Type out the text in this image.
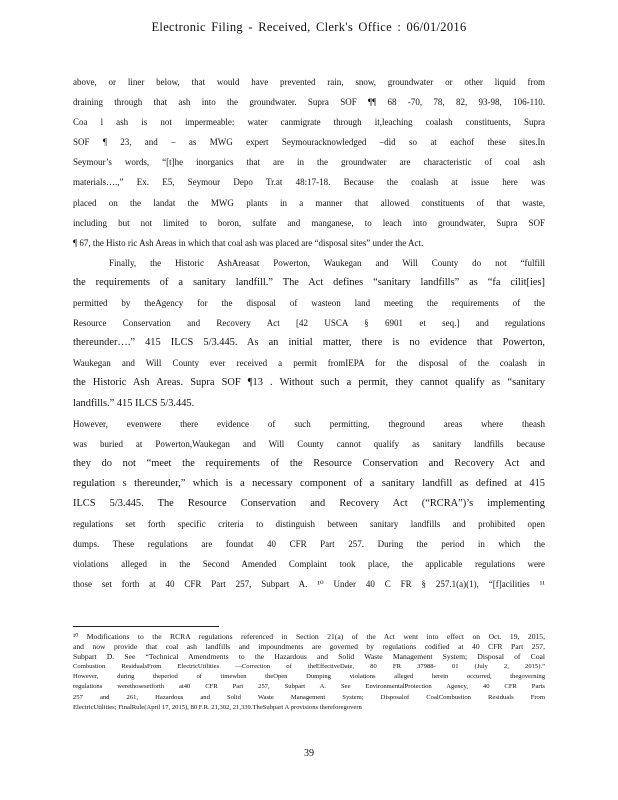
Electronic Filing - Received, Clerk's Office : 06/01/2016
above, or liner below, that would have prevented rain, snow, groundwater or other liquid from
draining through that ash into the groundwater. Supra SOF ¶¶ 68 -70, 78, 82, 93-98, 106-110.
Coa l ash is not impermeable: water canmigrate through it,leaching coalash constituents, Supra
SOF ¶ 23, and – as MWG expert Seymouracknowledged –did so at eachof these sites.In
Seymour’s words, “[t]he inorganics that are in the groundwater are characteristic of coal ash
materials….,” Ex. E5, Seymour Depo Tr.at 48:17-18. Because the coalash at issue here was
placed on the landat the MWG plants in a manner that allowed constituents of that waste,
including but not limited to boron, sulfate and manganese, to leach into groundwater, Supra SOF
¶ 67, the Histo ric Ash Areas in which that coal ash was placed are “disposal sites” under the Act.
Finally, the Historic AshAreasat Powerton, Waukegan and Will County do not “fulfill
the requirements of a sanitary landfill.” The Act defines “sanitary landfills” as “fa cilit[ies]
permitted by theAgency for the disposal of wasteon land meeting the requirements of the
Resource Conservation and Recovery Act [42 USCA § 6901 et seq.] and regulations
thereunder….” 415 ILCS 5/3.445. As an initial matter, there is no evidence that Powerton,
Waukegan and Will County ever received a permit fromIEPA for the disposal of the coalash in
the Historic Ash Areas. Supra SOF ¶13 . Without such a permit, they cannot qualify as “sanitary
landfills.” 415 ILCS 5/3.445.
However, evenwere there evidence of such permitting, theground areas where theash
was buried at Powerton,Waukegan and Will County cannot qualify as sanitary landfills because
they do not “meet the requirements of the Resource Conservation and Recovery Act and
regulation s thereunder,” which is a necessary component of a sanitary landfill as defined at 415
ILCS 5/3.445. The Resource Conservation and Recovery Act (“RCRA”)’s implementing
regulations set forth specific criteria to distinguish between sanitary landfills and prohibited open
dumps. These regulations are foundat 40 CFR Part 257. During the period in which the
violations alleged in the Second Amended Complaint took place, the applicable regulations were
those set forth at 40 CFR Part 257, Subpart A. ¹⁰ Under 40 C FR § 257.1(a)(1), “[f]acilities ¹¹
¹⁰ Modifications to the RCRA regulations referenced in Section 21(a) of the Act went into effect on Oct. 19, 2015,
and now provide that coal ash landfills and impoundments are governed by regulations codified at 40 CFR Part 257,
Subpart D. See “Technical Amendments to the Hazardous and Solid Waste Management System; Disposal of Coal
Combustion ResidualsFrom ElectricUtilities —Correction of theEffectiveDate, 80 FR 37988- 01 (July 2, 2015).”
However, during theperiod of timewhen theOpen Dumping violations alleged herein occurred, thegoverning
regulations werethosesetforth at40 CFR Part 257, Subpart A. See EnvironmentalProtection Agency, 40 CFR Parts
257 and 261, Hazardous and Solid Waste Management System; Disposalof CoalCombustion Residuals From
ElectricUtilities; FinalRule(April 17, 2015), 80 F.R. 21,302, 21,339.TheSubpart A provisions thereforegovern
39
